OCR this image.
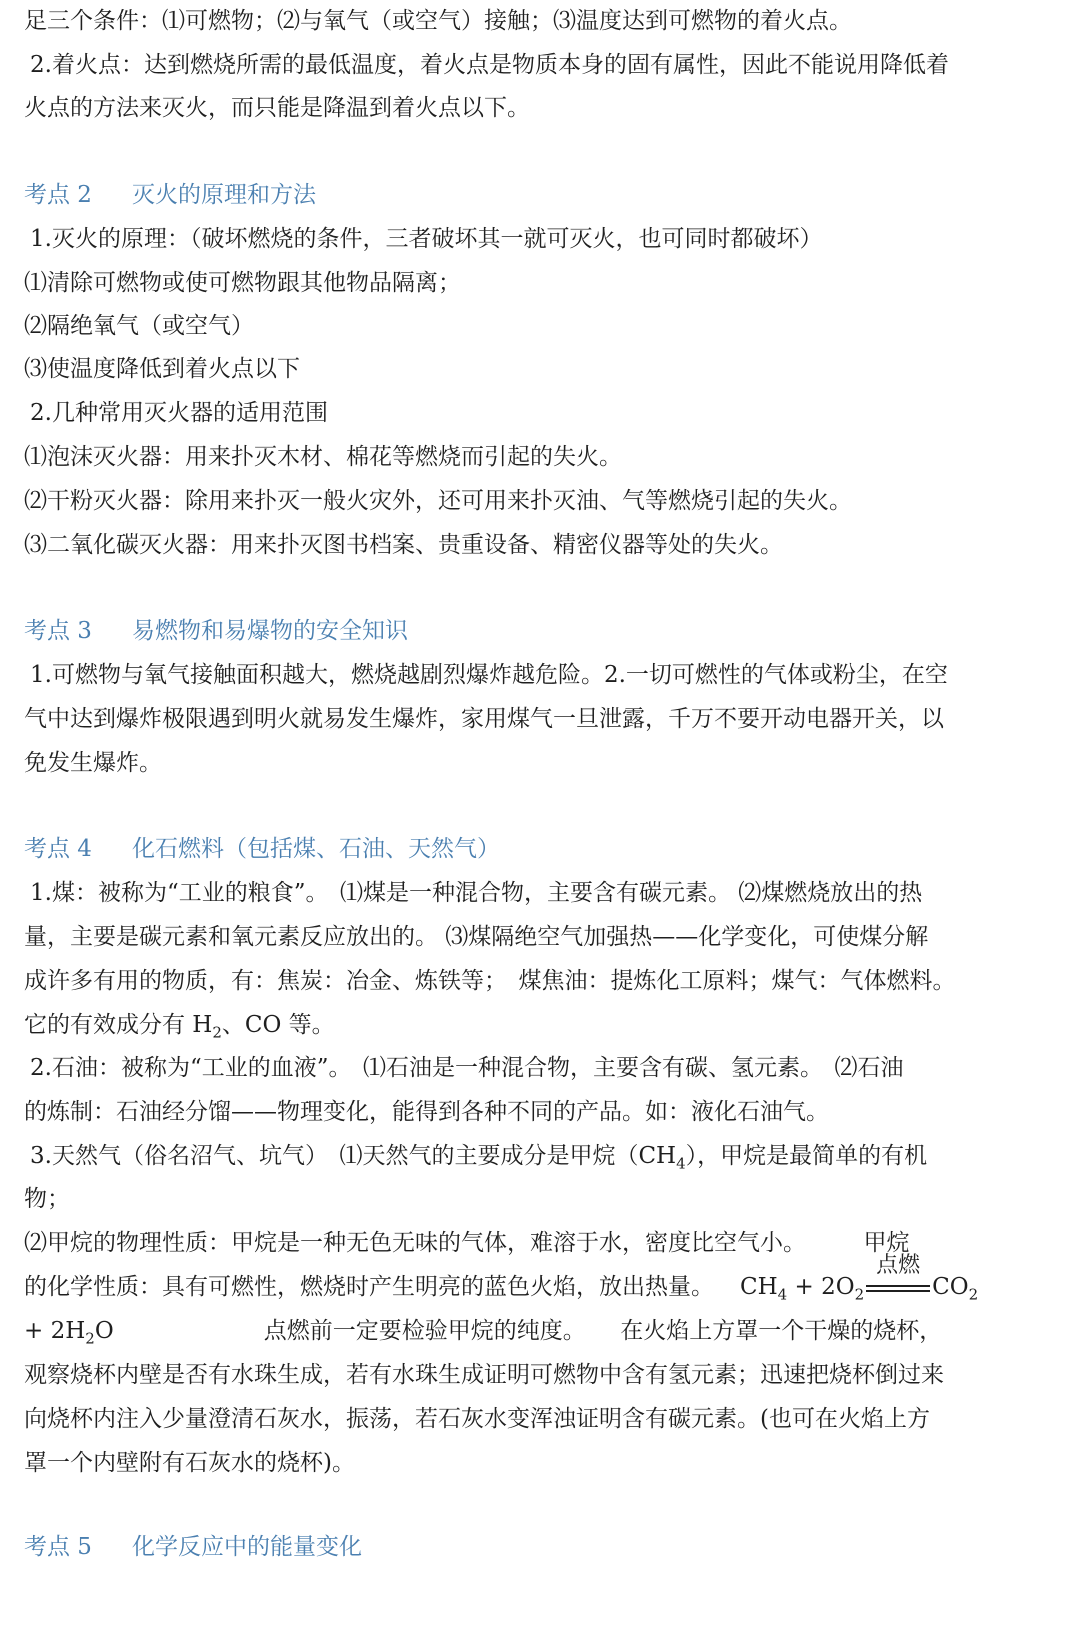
足三个条件：⑴可燃物；⑵与氧气（或空气）接触；⑶温度达到可燃物的着火点。
2.着火点：达到燃烧所需的最低温度，着火点是物质本身的固有属性，因此不能说用降低着
火点的方法来灭火，而只能是降温到着火点以下。
考点 2 灭火的原理和方法
1.灭火的原理：（破坏燃烧的条件，三者破坏其一就可灭火，也可同时都破坏）
⑴清除可燃物或使可燃物跟其他物品隔离；
⑵隔绝氧气（或空气）
⑶使温度降低到着火点以下
2.几种常用灭火器的适用范围
⑴泡沫灭火器：用来扑灭木材、棉花等燃烧而引起的失火。
⑵干粉灭火器：除用来扑灭一般火灾外，还可用来扑灭油、气等燃烧引起的失火。
⑶二氧化碳灭火器：用来扑灭图书档案、贵重设备、精密仪器等处的失火。
考点 3 易燃物和易爆物的安全知识
1.可燃物与氧气接触面积越大，燃烧越剧烈爆炸越危险。2.一切可燃性的气体或粉尘，在空
气中达到爆炸极限遇到明火就易发生爆炸，家用煤气一旦泄露，千万不要开动电器开关，以
免发生爆炸。
考点 4 化石燃料（包括煤、石油、天然气）
1.煤：被称为“工业的粮食”。　⑴煤是一种混合物，主要含有碳元素。 ⑵煤燃烧放出的热
量，主要是碳元素和氧元素反应放出的。 ⑶煤隔绝空气加强热——化学变化，可使煤分解
成许多有用的物质，有：焦炭：冶金、炼铁等；　煤焦油：提炼化工原料；煤气：气体燃料。
它的有效成分有 $H_2$、CO 等。
2.石油：被称为“工业的血液”。　⑴石油是一种混合物，主要含有碳、氢元素。　⑵石油
的炼制：石油经分馏——物理变化，能得到各种不同的产品。如：液化石油气。
3.天然气（俗名沼气、坑气）　⑴天然气的主要成分是甲烷$(CH_4)$，甲烷是最简单的有机
物；
⑵甲烷的物理性质：甲烷是一种无色无味的气体，难溶于水，密度比空气小。　　　甲烷
的化学性质：具有可燃性，燃烧时产生明亮的蓝色火焰，放出热量。 $CH_4 + 2O_2$
点燃
$CO_2$
+ $2H_2O$	点燃前一定要检验甲烷的纯度。　　在火焰上方罩一个干燥的烧杯，
观察烧杯内壁是否有水珠生成，若有水珠生成证明可燃物中含有氢元素；迅速把烧杯倒过来
向烧杯内注入少量澄清石灰水，振荡，若石灰水变浑浊证明含有碳元素。(也可在火焰上方
罩一个内壁附有石灰水的烧杯)。
考点 5 化学反应中的能量变化
